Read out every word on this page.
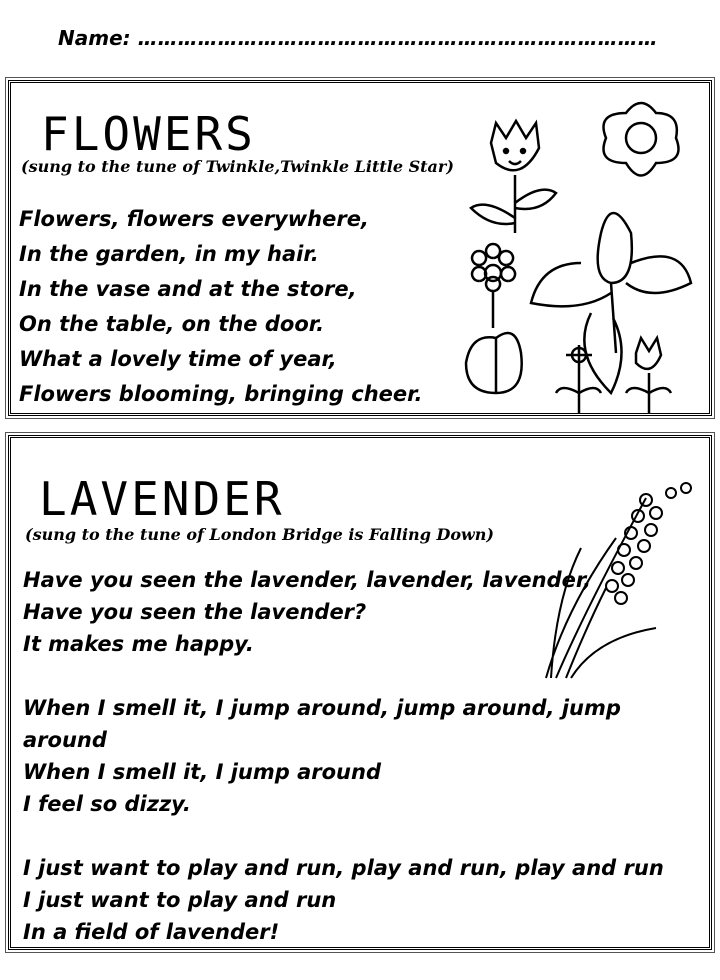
Name: ……………………………………………………………………
FLOWERS
(sung to the tune of Twinkle,Twinkle Little Star)
Flowers, flowers everywhere,
In the garden, in my hair.
In the vase and at the store,
On the table, on the door.
What a lovely time of year,
Flowers blooming, bringing cheer.
LAVENDER
(sung to the tune of London Bridge is Falling Down)
Have you seen the lavender, lavender, lavender,
Have you seen the lavender?
It makes me happy.
When I smell it, I jump around, jump around, jump around
When I smell it, I jump around
I feel so dizzy.
I just want to play and run, play and run, play and run
I just want to play and run
In a field of lavender!
